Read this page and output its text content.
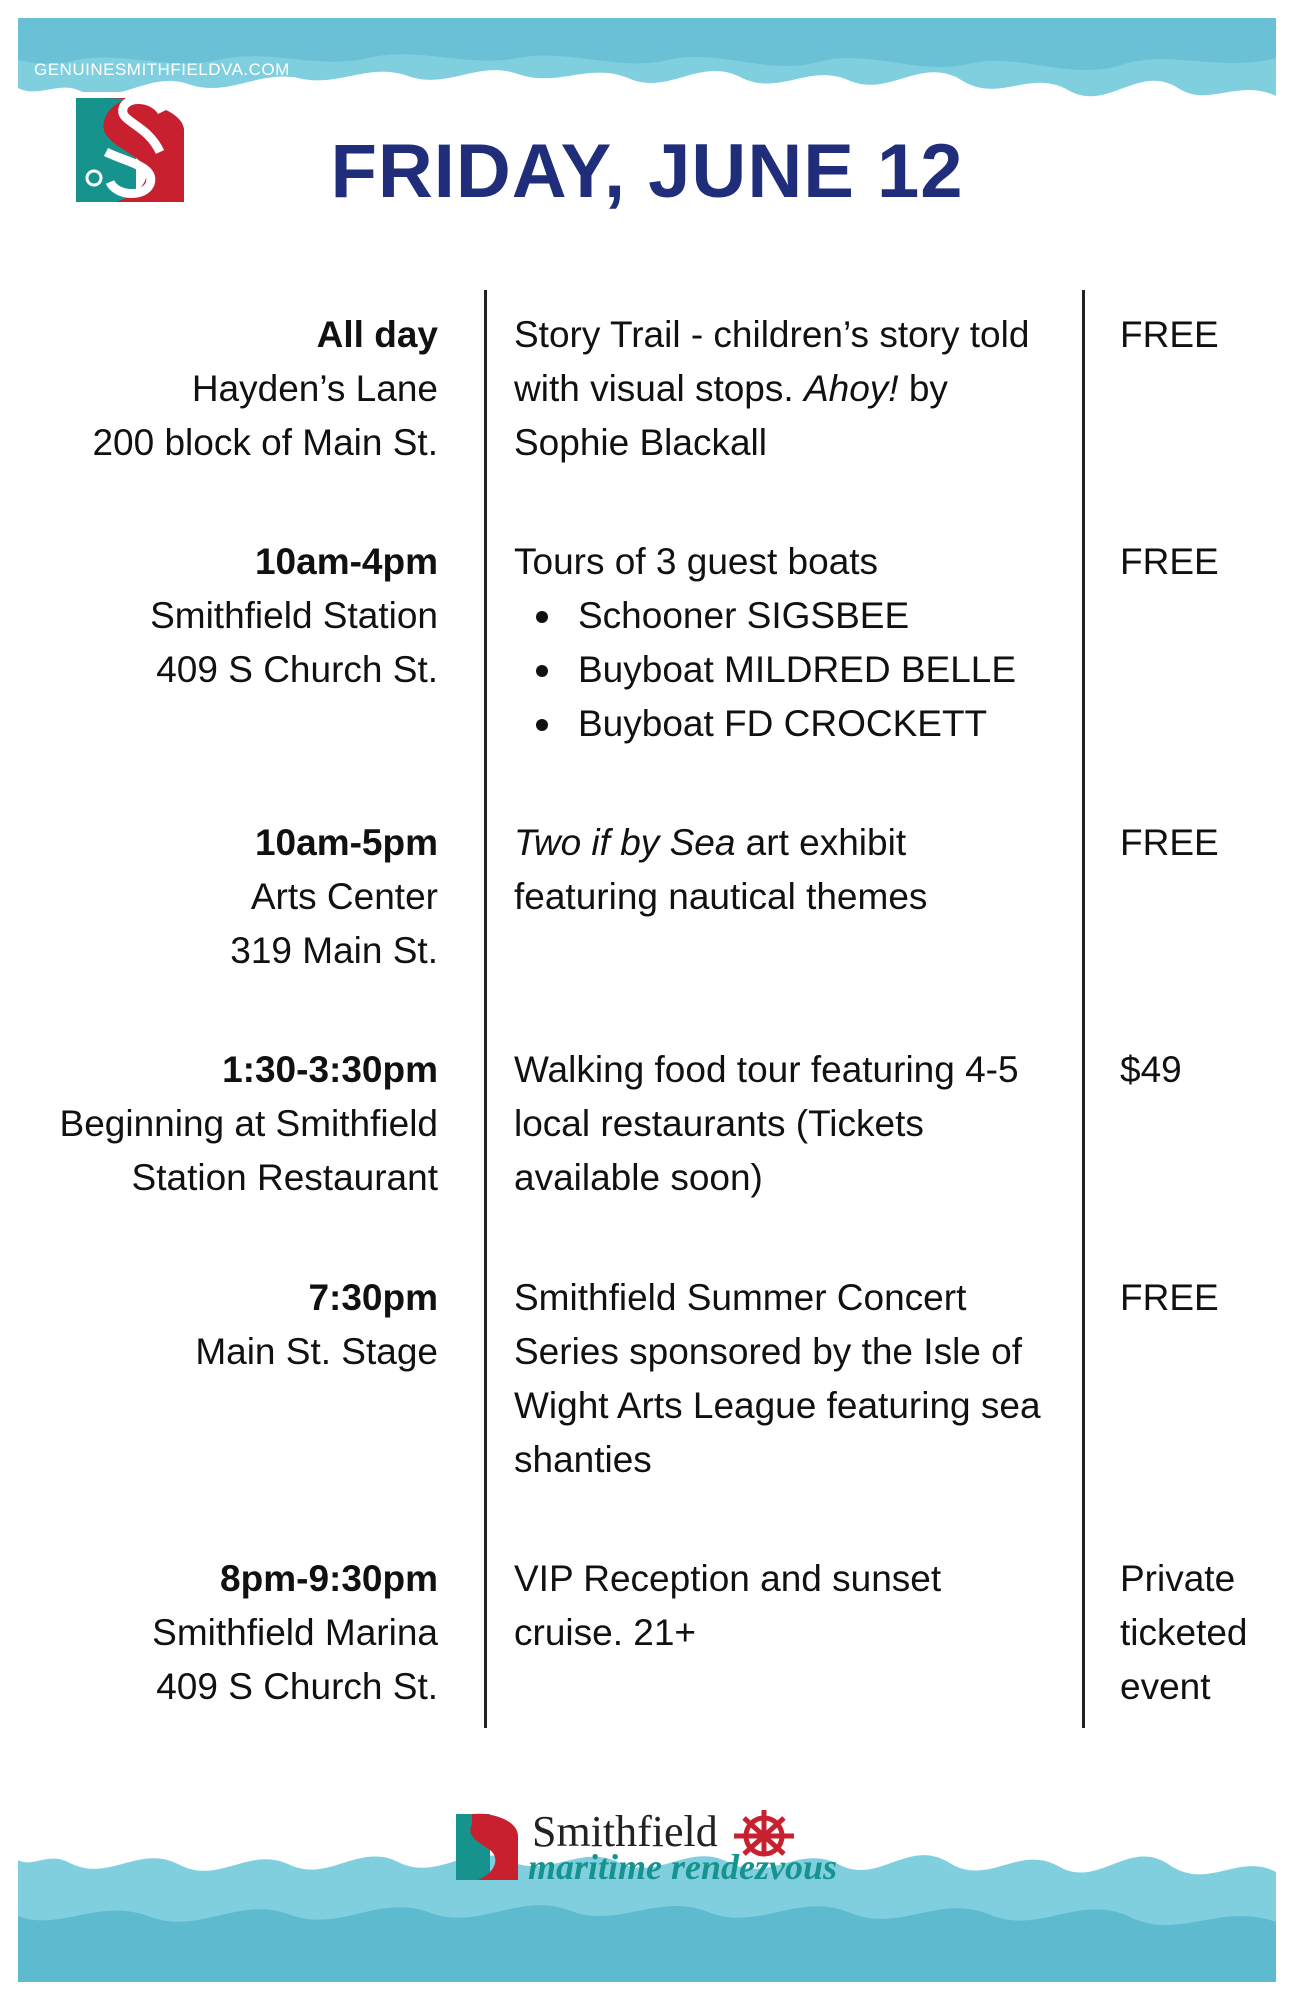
GENUINESMITHFIELDVA.COM
FRIDAY, JUNE 12
All day
Hayden’s Lane
200 block of Main St.
Story Trail - children’s story told with visual stops. Ahoy! by Sophie Blackall
FREE
10am-4pm
Smithfield Station
409 S Church St.
Tours of 3 guest boats
Schooner SIGSBEE
Buyboat MILDRED BELLE
Buyboat FD CROCKETT
FREE
10am-5pm
Arts Center
319 Main St.
Two if by Sea art exhibit featuring nautical themes
FREE
1:30-3:30pm
Beginning at Smithfield
Station Restaurant
Walking food tour featuring 4-5 local restaurants (Tickets available soon)
$49
7:30pm
Main St. Stage
Smithfield Summer Concert Series sponsored by the Isle of Wight Arts League featuring sea shanties
FREE
8pm-9:30pm
Smithfield Marina
409 S Church St.
VIP Reception and sunset cruise. 21+
Private ticketed event
Smithfield
maritime rendezvous
